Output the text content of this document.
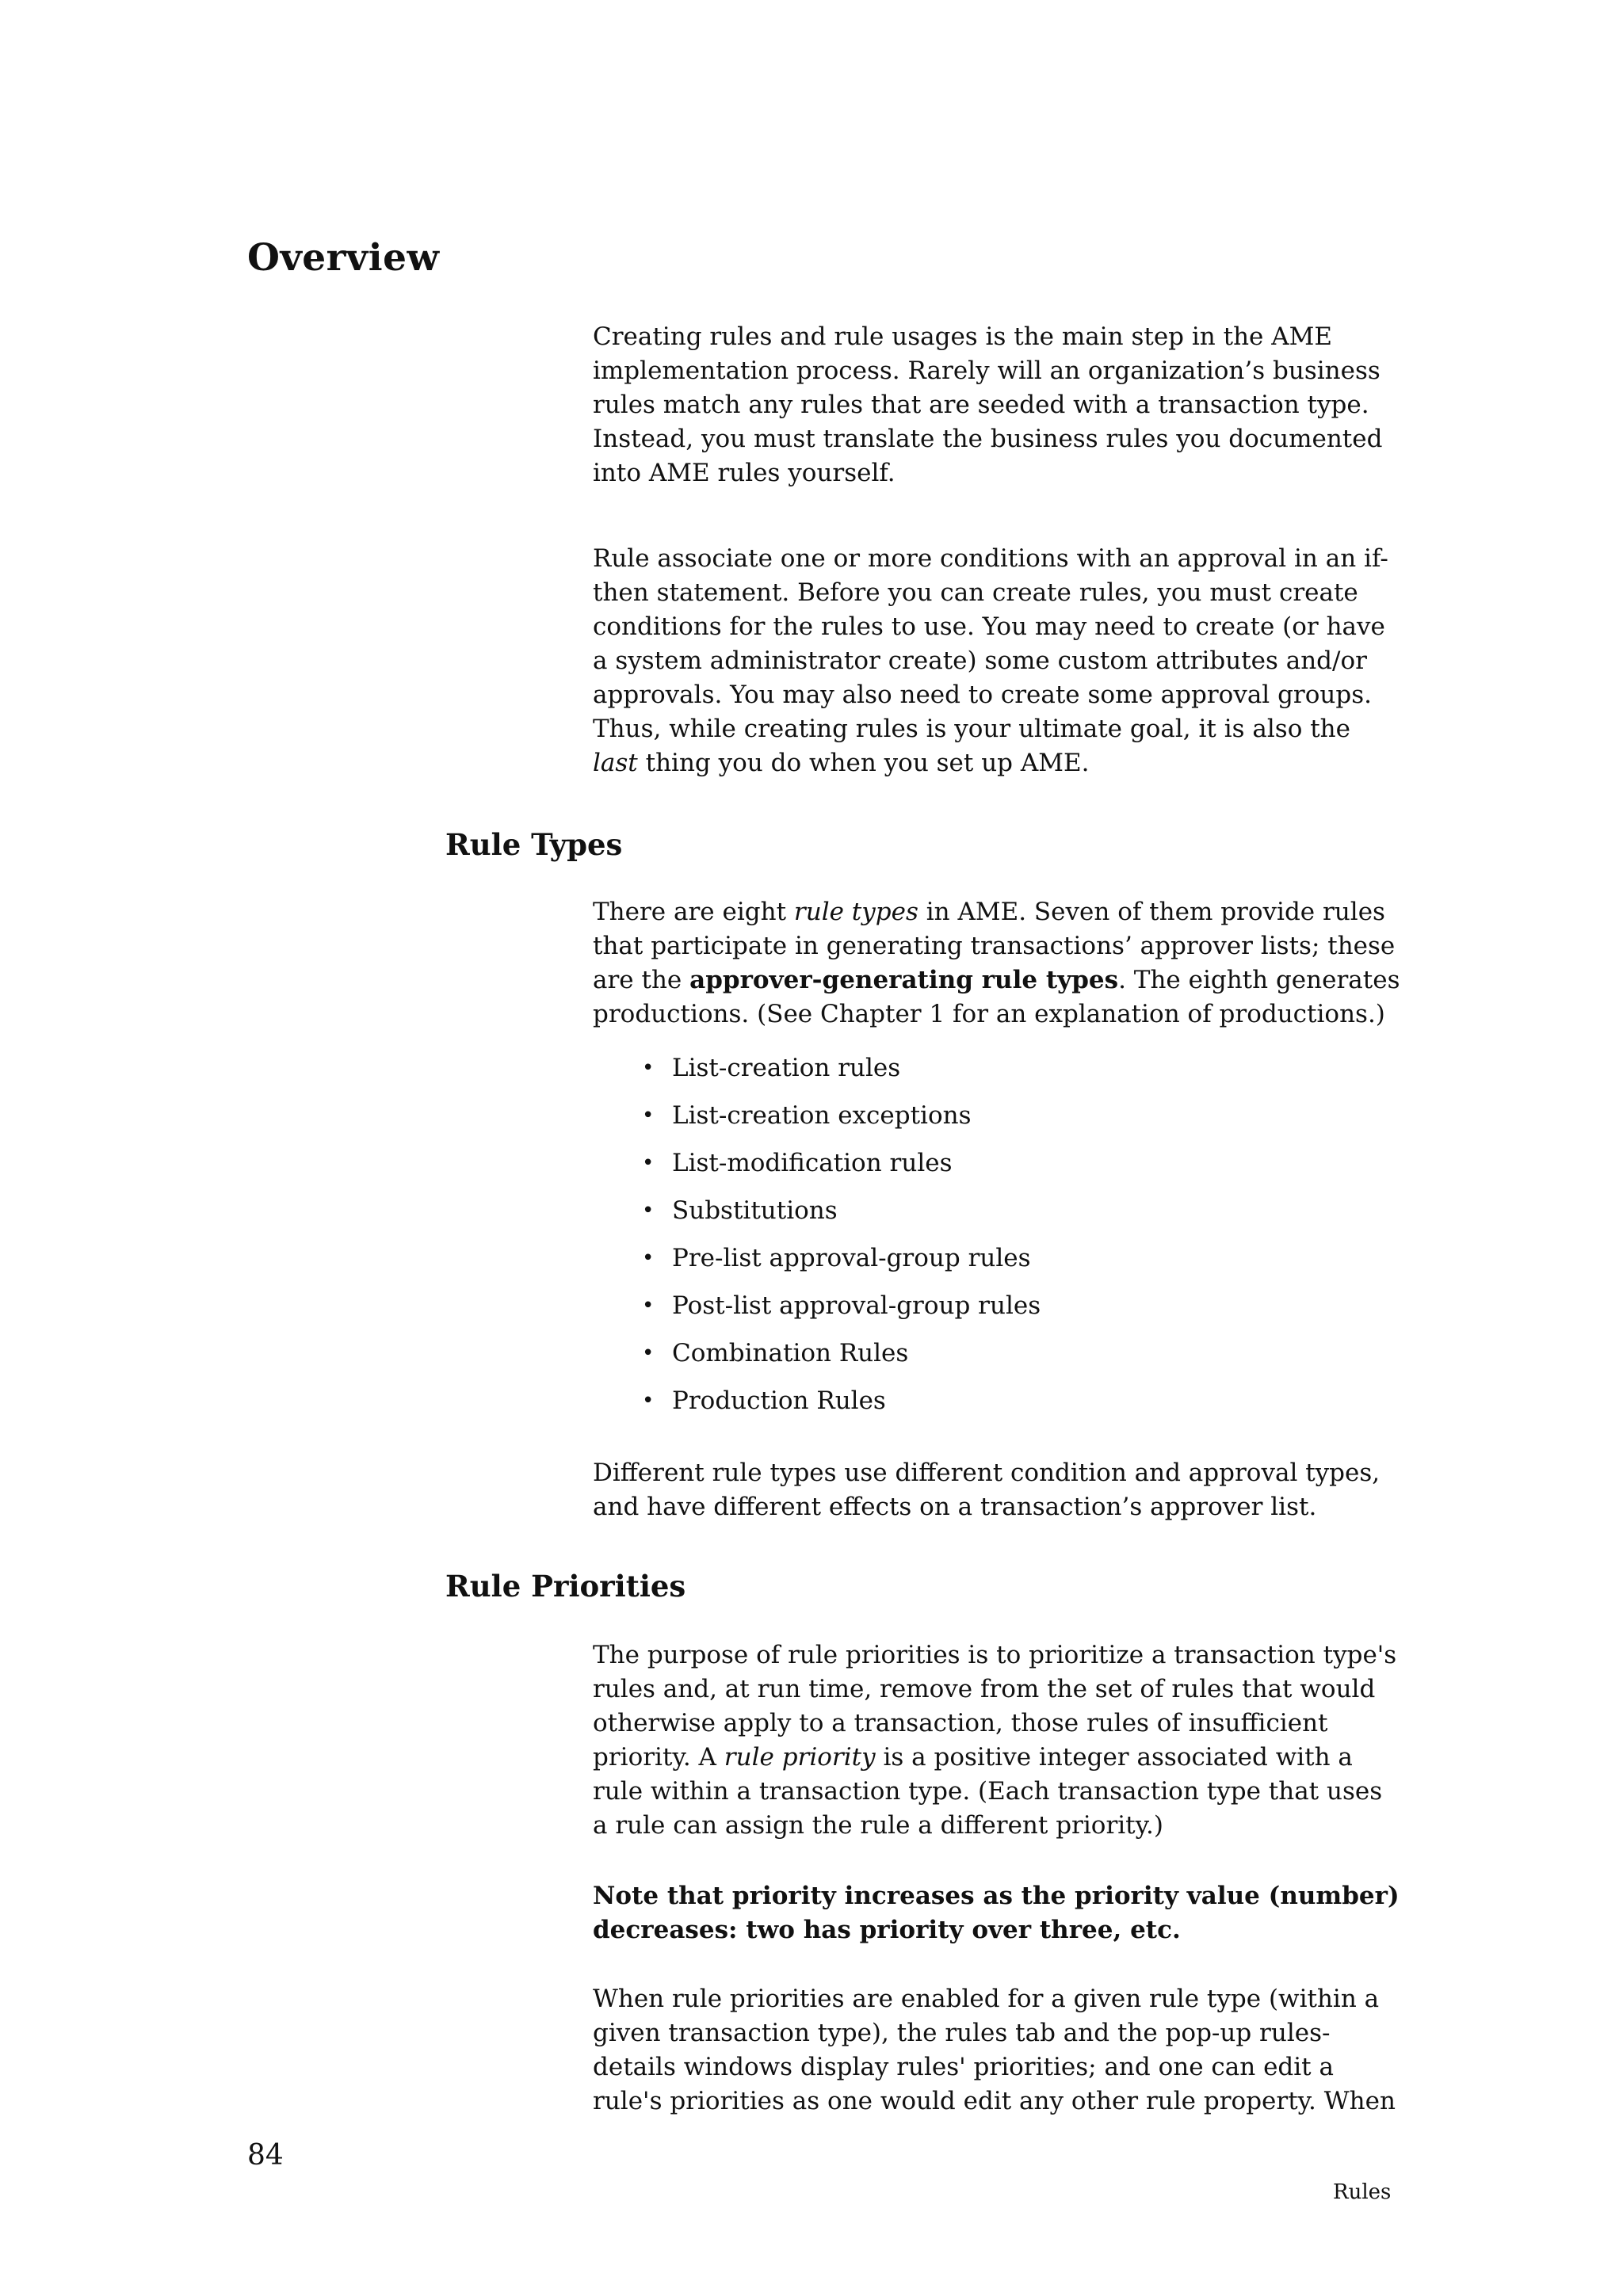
Overview

Creating rules and rule usages is the main step in the AME implementation process. Rarely will an organization’s business rules match any rules that are seeded with a transaction type. Instead, you must translate the business rules you documented into AME rules yourself.

Rule associate one or more conditions with an approval in an if-then statement. Before you can create rules, you must create conditions for the rules to use. You may need to create (or have a system administrator create) some custom attributes and/or approvals. You may also need to create some approval groups. Thus, while creating rules is your ultimate goal, it is also the last thing you do when you set up AME.

Rule Types

There are eight rule types in AME. Seven of them provide rules that participate in generating transactions’ approver lists; these are the approver-generating rule types. The eighth generates productions. (See Chapter 1 for an explanation of productions.)

• List-creation rules
• List-creation exceptions
• List-modification rules
• Substitutions
• Pre-list approval-group rules
• Post-list approval-group rules
• Combination Rules
• Production Rules

Different rule types use different condition and approval types, and have different effects on a transaction’s approver list.

Rule Priorities

The purpose of rule priorities is to prioritize a transaction type's rules and, at run time, remove from the set of rules that would otherwise apply to a transaction, those rules of insufficient priority. A rule priority is a positive integer associated with a rule within a transaction type. (Each transaction type that uses a rule can assign the rule a different priority.)

Note that priority increases as the priority value (number) decreases: two has priority over three, etc.

When rule priorities are enabled for a given rule type (within a given transaction type), the rules tab and the pop-up rules-details windows display rules' priorities; and one can edit a rule's priorities as one would edit any other rule property. When

84
Rules
